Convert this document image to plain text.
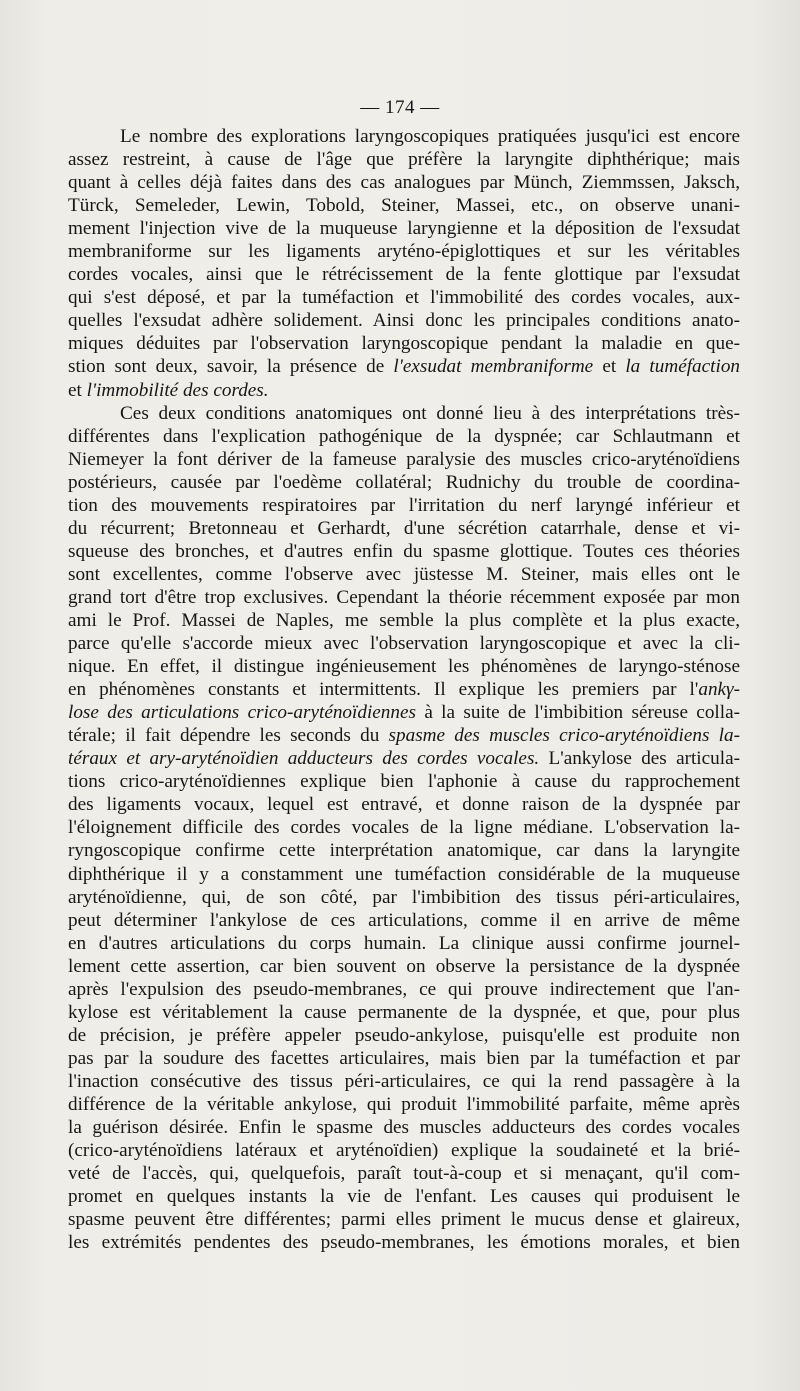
— 174 —
Le nombre des explorations laryngoscopiques pratiquées jusqu'ici est encore
assez restreint, à cause de l'âge que préfère la laryngite diphthérique; mais
quant à celles déjà faites dans des cas analogues par Münch, Ziemmssen, Jaksch,
Türck, Semeleder, Lewin, Tobold, Steiner, Massei, etc., on observe unani-
mement l'injection vive de la muqueuse laryngienne et la déposition de l'exsudat
membraniforme sur les ligaments aryténo-épiglottiques et sur les véritables
cordes vocales, ainsi que le rétrécissement de la fente glottique par l'exsudat
qui s'est déposé, et par la tuméfaction et l'immobilité des cordes vocales, aux-
quelles l'exsudat adhère solidement. Ainsi donc les principales conditions anato-
miques déduites par l'observation laryngoscopique pendant la maladie en que-
stion sont deux, savoir, la présence de l'exsudat membraniforme et la tuméfaction
et l'immobilité des cordes.
Ces deux conditions anatomiques ont donné lieu à des interprétations très-
différentes dans l'explication pathogénique de la dyspnée; car Schlautmann et
Niemeyer la font dériver de la fameuse paralysie des muscles crico-aryténoïdiens
postérieurs, causée par l'oedème collatéral; Rudnichy du trouble de coordina-
tion des mouvements respiratoires par l'irritation du nerf laryngé inférieur et
du récurrent; Bretonneau et Gerhardt, d'une sécrétion catarrhale, dense et vi-
squeuse des bronches, et d'autres enfin du spasme glottique. Toutes ces théories
sont excellentes, comme l'observe avec jüstesse M. Steiner, mais elles ont le
grand tort d'être trop exclusives. Cependant la théorie récemment exposée par mon
ami le Prof. Massei de Naples, me semble la plus complète et la plus exacte,
parce qu'elle s'accorde mieux avec l'observation laryngoscopique et avec la cli-
nique. En effet, il distingue ingénieusement les phénomènes de laryngo-sténose
en phénomènes constants et intermittents. Il explique les premiers par l'ankγ-
lose des articulations crico-aryténoïdiennes à la suite de l'imbibition séreuse colla-
térale; il fait dépendre les seconds du spasme des muscles crico-aryténoïdiens la-
téraux et ary-aryténoïdien adducteurs des cordes vocales. L'ankylose des articula-
tions crico-aryténoïdiennes explique bien l'aphonie à cause du rapprochement
des ligaments vocaux, lequel est entravé, et donne raison de la dyspnée par
l'éloignement difficile des cordes vocales de la ligne médiane. L'observation la-
ryngoscopique confirme cette interprétation anatomique, car dans la laryngite
diphthérique il y a constamment une tuméfaction considérable de la muqueuse
aryténoïdienne, qui, de son côté, par l'imbibition des tissus péri-articulaires,
peut déterminer l'ankylose de ces articulations, comme il en arrive de même
en d'autres articulations du corps humain. La clinique aussi confirme journel-
lement cette assertion, car bien souvent on observe la persistance de la dyspnée
après l'expulsion des pseudo-membranes, ce qui prouve indirectement que l'an-
kylose est véritablement la cause permanente de la dyspnée, et que, pour plus
de précision, je préfère appeler pseudo-ankylose, puisqu'elle est produite non
pas par la soudure des facettes articulaires, mais bien par la tuméfaction et par
l'inaction consécutive des tissus péri-articulaires, ce qui la rend passagère à la
différence de la véritable ankylose, qui produit l'immobilité parfaite, même après
la guérison désirée. Enfin le spasme des muscles adducteurs des cordes vocales
(crico-aryténoïdiens latéraux et aryténoïdien) explique la soudaineté et la brié-
veté de l'accès, qui, quelquefois, paraît tout-à-coup et si menaçant, qu'il com-
promet en quelques instants la vie de l'enfant. Les causes qui produisent le
spasme peuvent être différentes; parmi elles priment le mucus dense et glaireux,
les extrémités pendentes des pseudo-membranes, les émotions morales, et bien
